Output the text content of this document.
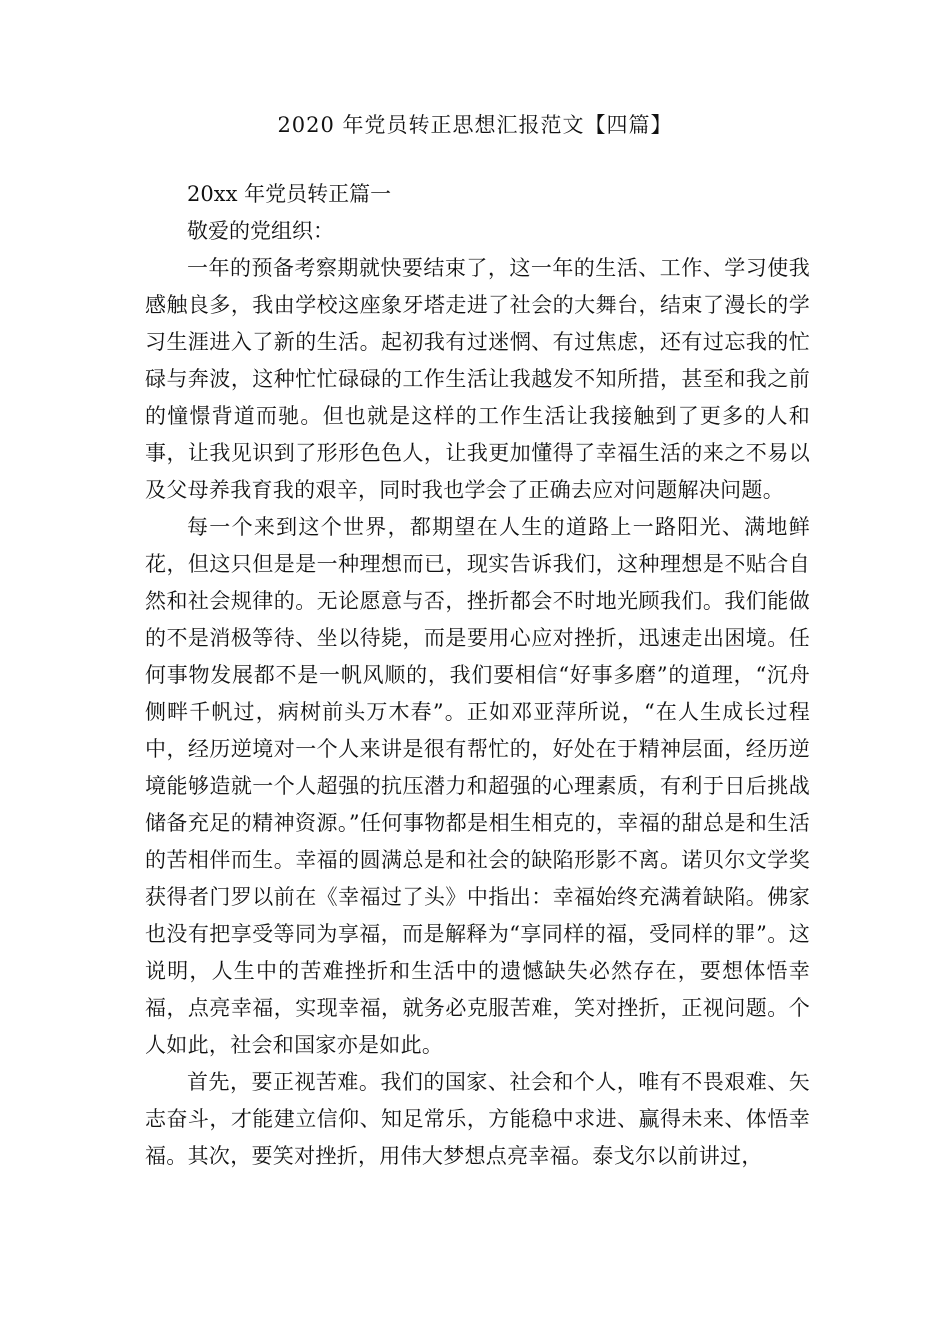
2020 年党员转正思想汇报范文【四篇】

20xx 年党员转正篇一

敬爱的党组织：

一年的预备考察期就快要结束了，这一年的生活、工作、学习使我感触良多，我由学校这座象牙塔走进了社会的大舞台，结束了漫长的学习生涯进入了新的生活。起初我有过迷惘、有过焦虑，还有过忘我的忙碌与奔波，这种忙忙碌碌的工作生活让我越发不知所措，甚至和我之前的憧憬背道而驰。但也就是这样的工作生活让我接触到了更多的人和事，让我见识到了形形色色人，让我更加懂得了幸福生活的来之不易以及父母养我育我的艰辛，同时我也学会了正确去应对问题解决问题。

每一个来到这个世界，都期望在人生的道路上一路阳光、满地鲜花，但这只但是是一种理想而已，现实告诉我们，这种理想是不贴合自然和社会规律的。无论愿意与否，挫折都会不时地光顾我们。我们能做的不是消极等待、坐以待毙，而是要用心应对挫折，迅速走出困境。任何事物发展都不是一帆风顺的，我们要相信“好事多磨”的道理，“沉舟侧畔千帆过，病树前头万木春”。正如邓亚萍所说，“在人生成长过程中，经历逆境对一个人来讲是很有帮忙的，好处在于精神层面，经历逆境能够造就一个人超强的抗压潜力和超强的心理素质，有利于日后挑战储备充足的精神资源。”任何事物都是相生相克的，幸福的甜总是和生活的苦相伴而生。幸福的圆满总是和社会的缺陷形影不离。诺贝尔文学奖获得者门罗以前在《幸福过了头》中指出：幸福始终充满着缺陷。佛家也没有把享受等同为享福，而是解释为“享同样的福，受同样的罪”。这说明，人生中的苦难挫折和生活中的遗憾缺失必然存在，要想体悟幸福，点亮幸福，实现幸福，就务必克服苦难，笑对挫折，正视问题。个人如此，社会和国家亦是如此。

首先，要正视苦难。我们的国家、社会和个人，唯有不畏艰难、矢志奋斗，才能建立信仰、知足常乐，方能稳中求进、赢得未来、体悟幸福。其次，要笑对挫折，用伟大梦想点亮幸福。泰戈尔以前讲过，
